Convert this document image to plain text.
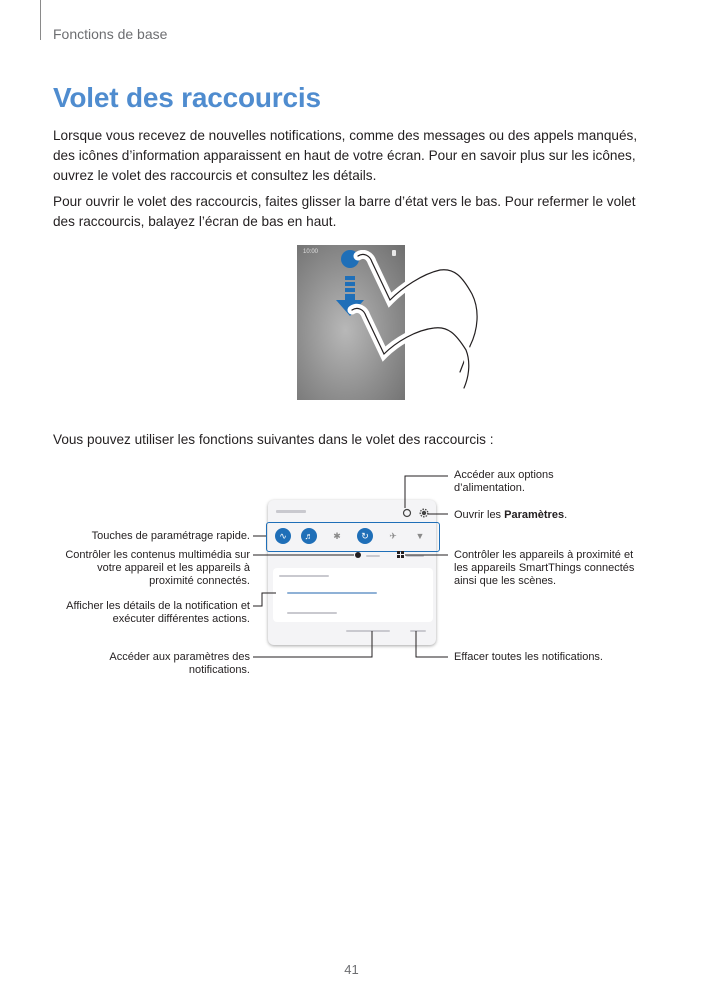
Fonctions de base
Volet des raccourcis
Lorsque vous recevez de nouvelles notifications, comme des messages ou des appels manqués, des icônes d’information apparaissent en haut de votre écran. Pour en savoir plus sur les icônes, ouvrez le volet des raccourcis et consultez les détails.
Pour ouvrir le volet des raccourcis, faites glisser la barre d’état vers le bas. Pour refermer le volet des raccourcis, balayez l’écran de bas en haut.
10:00
Vous pouvez utiliser les fonctions suivantes dans le volet des raccourcis :
∿	♬	✱	↻	✈	▼
Accéder aux options d’alimentation.
Ouvrir les Paramètres.
Touches de paramétrage rapide.
Contrôler les contenus multimédia sur votre appareil et les appareils à proximité connectés.
Contrôler les appareils à proximité et les appareils SmartThings connectés ainsi que les scènes.
Afficher les détails de la notification et exécuter différentes actions.
Accéder aux paramètres des notifications.
Effacer toutes les notifications.
41
